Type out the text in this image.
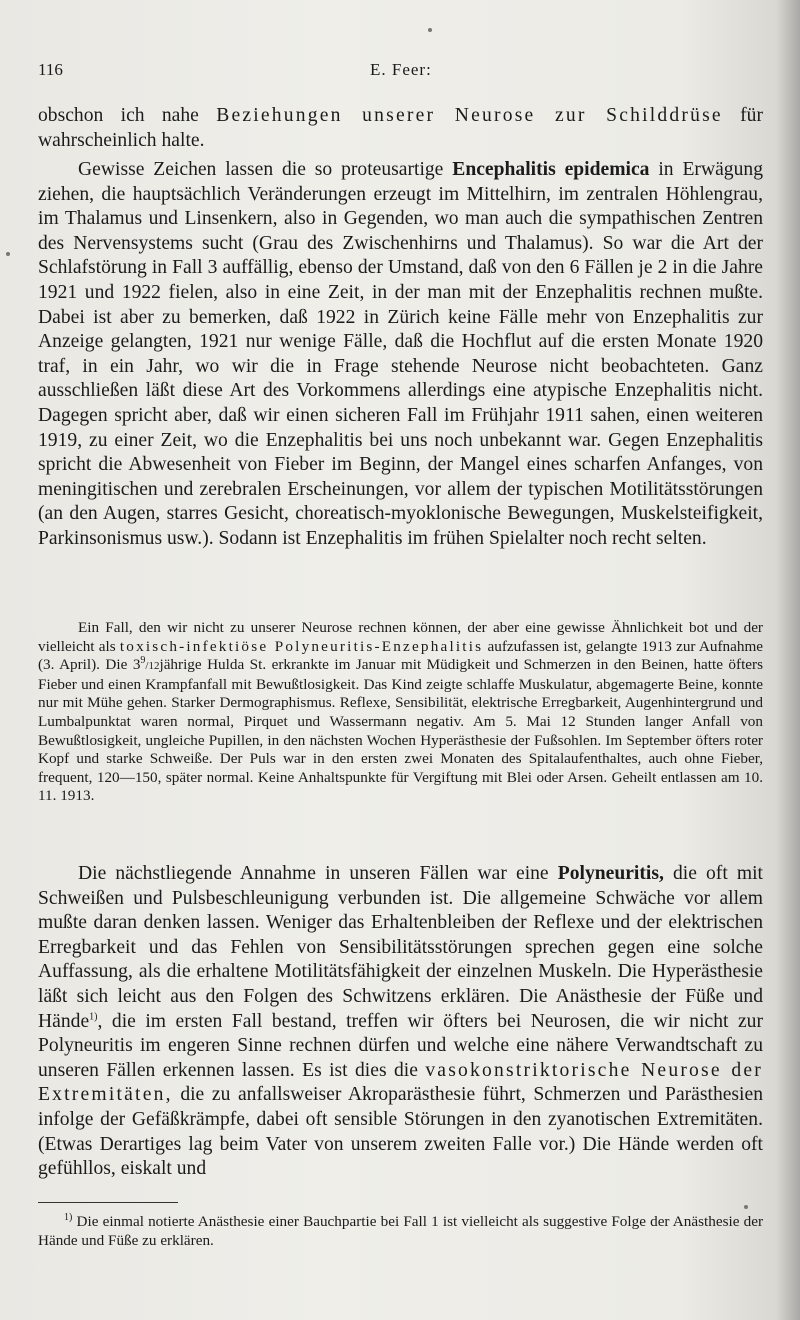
116	E. Feer:

obschon ich nahe Beziehungen unserer Neurose zur Schilddrüse für wahrscheinlich halte.

Gewisse Zeichen lassen die so proteusartige Encephalitis epidemica in Erwägung ziehen, die hauptsächlich Veränderungen erzeugt im Mittelhirn, im zentralen Höhlengrau, im Thalamus und Linsenkern, also in Gegenden, wo man auch die sympathischen Zentren des Nervensystems sucht (Grau des Zwischenhirns und Thalamus). So war die Art der Schlafstörung in Fall 3 auffällig, ebenso der Umstand, daß von den 6 Fällen je 2 in die Jahre 1921 und 1922 fielen, also in eine Zeit, in der man mit der Enzephalitis rechnen mußte. Dabei ist aber zu bemerken, daß 1922 in Zürich keine Fälle mehr von Enzephalitis zur Anzeige gelangten, 1921 nur wenige Fälle, daß die Hochflut auf die ersten Monate 1920 traf, in ein Jahr, wo wir die in Frage stehende Neurose nicht beobachteten. Ganz ausschließen läßt diese Art des Vorkommens allerdings eine atypische Enzephalitis nicht. Dagegen spricht aber, daß wir einen sicheren Fall im Frühjahr 1911 sahen, einen weiteren 1919, zu einer Zeit, wo die Enzephalitis bei uns noch unbekannt war. Gegen Enzephalitis spricht die Abwesenheit von Fieber im Beginn, der Mangel eines scharfen Anfanges, von meningitischen und zerebralen Erscheinungen, vor allem der typischen Motilitätsstörungen (an den Augen, starres Gesicht, choreatisch-myoklonische Bewegungen, Muskelsteifigkeit, Parkinsonismus usw.). Sodann ist Enzephalitis im frühen Spielalter noch recht selten.

Ein Fall, den wir nicht zu unserer Neurose rechnen können, der aber eine gewisse Ähnlichkeit bot und der vielleicht als toxisch-infektiöse Polyneuritis-Enzephalitis aufzufassen ist, gelangte 1913 zur Aufnahme (3. April). Die $3^9/12jährige$ Hulda St. erkrankte im Januar mit Müdigkeit und Schmerzen in den Beinen, hatte öfters Fieber und einen Krampfanfall mit Bewußtlosigkeit. Das Kind zeigte schlaffe Muskulatur, abgemagerte Beine, konnte nur mit Mühe gehen. Starker Dermographismus. Reflexe, Sensibilität, elektrische Erregbarkeit, Augenhintergrund und Lumbalpunktat waren normal, Pirquet und Wassermann negativ. Am 5. Mai 12 Stunden langer Anfall von Bewußtlosigkeit, ungleiche Pupillen, in den nächsten Wochen Hyperästhesie der Fußsohlen. Im September öfters roter Kopf und starke Schweiße. Der Puls war in den ersten zwei Monaten des Spitalaufenthaltes, auch ohne Fieber, frequent, 120—150, später normal. Keine Anhaltspunkte für Vergiftung mit Blei oder Arsen. Geheilt entlassen am 10. 11. 1913.

Die nächstliegende Annahme in unseren Fällen war eine Polyneuritis, die oft mit Schweißen und Pulsbeschleunigung verbunden ist. Die allgemeine Schwäche vor allem mußte daran denken lassen. Weniger das Erhaltenbleiben der Reflexe und der elektrischen Erregbarkeit und das Fehlen von Sensibilitätsstörungen sprechen gegen eine solche Auffassung, als die erhaltene Motilitätsfähigkeit der einzelnen Muskeln. Die Hyperästhesie läßt sich leicht aus den Folgen des Schwitzens erklären. Die Anästhesie der Füße und Hände$^{1)}$, die im ersten Fall bestand, treffen wir öfters bei Neurosen, die wir nicht zur Polyneuritis im engeren Sinne rechnen dürfen und welche eine nähere Verwandtschaft zu unseren Fällen erkennen lassen. Es ist dies die vasokonstriktorische Neurose der Extremitäten, die zu anfallsweiser Akroparästhesie führt, Schmerzen und Parästhesien infolge der Gefäßkrämpfe, dabei oft sensible Störungen in den zyanotischen Extremitäten. (Etwas Derartiges lag beim Vater von unserem zweiten Falle vor.) Die Hände werden oft gefühllos, eiskalt und

$^{1)}$ Die einmal notierte Anästhesie einer Bauchpartie bei Fall 1 ist vielleicht als suggestive Folge der Anästhesie der Hände und Füße zu erklären.
